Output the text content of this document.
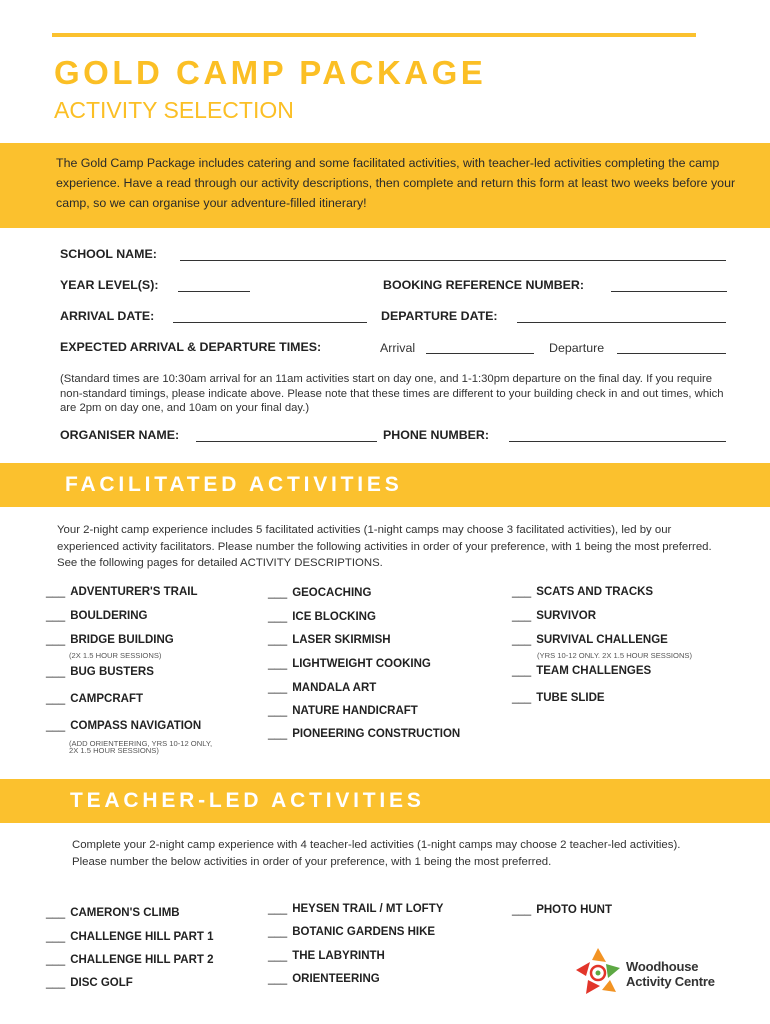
GOLD CAMP PACKAGE
ACTIVITY SELECTION
The Gold Camp Package includes catering and some facilitated activities, with teacher-led activities completing the camp experience. Have a read through our activity descriptions, then complete and return this form at least two weeks before your camp, so we can organise your adventure-filled itinerary!
SCHOOL NAME:
YEAR LEVEL(S):	BOOKING REFERENCE NUMBER:
ARRIVAL DATE:	DEPARTURE DATE:
EXPECTED ARRIVAL & DEPARTURE TIMES:	Arrival	Departure
(Standard times are 10:30am arrival for an 11am activities start on day one, and 1-1:30pm departure on the final day. If you require non-standard timings, please indicate above. Please note that these times are different to your building check in and out times, which are 2pm on day one, and 10am on your final day.)
ORGANISER NAME:	PHONE NUMBER:
FACILITATED ACTIVITIES
Your 2-night camp experience includes 5 facilitated activities (1-night camps may choose 3 facilitated activities), led by our experienced activity facilitators. Please number the following activities in order of your preference, with 1 being the most preferred. See the following pages for detailed ACTIVITY DESCRIPTIONS.
___ ADVENTURER'S TRAIL
___ BOULDERING
___ BRIDGE BUILDING
(2X 1.5 HOUR SESSIONS)
___ BUG BUSTERS
___ CAMPCRAFT
___ COMPASS NAVIGATION
(ADD ORIENTEERING, YRS 10-12 ONLY,
2X 1.5 HOUR SESSIONS)
___ GEOCACHING
___ ICE BLOCKING
___ LASER SKIRMISH
___ LIGHTWEIGHT COOKING
___ MANDALA ART
___ NATURE HANDICRAFT
___ PIONEERING CONSTRUCTION
___ SCATS AND TRACKS
___ SURVIVOR
___ SURVIVAL CHALLENGE
(YRS 10-12 ONLY. 2X 1.5 HOUR SESSIONS)
___ TEAM CHALLENGES
___ TUBE SLIDE
TEACHER-LED ACTIVITIES
Complete your 2-night camp experience with 4 teacher-led activities (1-night camps may choose 2 teacher-led activities). Please number the below activities in order of your preference, with 1 being the most preferred.
___ CAMERON'S CLIMB
___ CHALLENGE HILL PART 1
___ CHALLENGE HILL PART 2
___ DISC GOLF
___ HEYSEN TRAIL / MT LOFTY
___ BOTANIC GARDENS HIKE
___ THE LABYRINTH
___ ORIENTEERING
___ PHOTO HUNT
Woodhouse
Activity Centre
